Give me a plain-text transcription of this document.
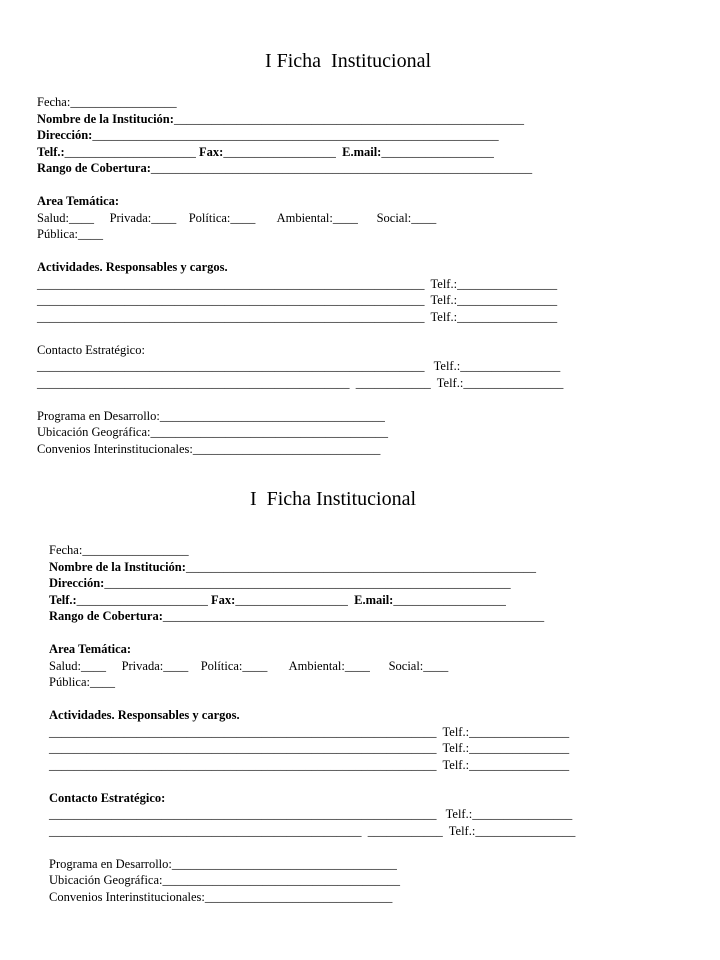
I Ficha  Institucional
Fecha:_________________
Nombre de la Institución:________________________________________________________
Dirección:_________________________________________________________________
Telf.:_____________________ Fax:__________________ E.mail:__________________
Rango de Cobertura:_____________________________________________________________
Area Temática:
Salud:____     Privada:____    Política:____       Ambiental:____      Social:____
Pública:____
Actividades. Responsables y cargos.
______________________________________________________________  Telf.:________________
______________________________________________________________  Telf.:________________
______________________________________________________________  Telf.:________________
Contacto Estratégico:
______________________________________________________________   Telf.:________________
__________________________________________________  ____________  Telf.:________________
Programa en Desarrollo:____________________________________
Ubicación Geográfica:______________________________________
Convenios Interinstitucionales:______________________________
I  Ficha Institucional
Fecha:_________________
Nombre de la Institución:________________________________________________________
Dirección:_________________________________________________________________
Telf.:_____________________ Fax:__________________ E.mail:__________________
Rango de Cobertura:_____________________________________________________________
Area Temática:
Salud:____     Privada:____    Política:____       Ambiental:____      Social:____
Pública:____
Actividades. Responsables y cargos.
______________________________________________________________  Telf.:________________
______________________________________________________________  Telf.:________________
______________________________________________________________  Telf.:________________
Contacto Estratégico:
______________________________________________________________   Telf.:________________
__________________________________________________  ____________  Telf.:________________
Programa en Desarrollo:____________________________________
Ubicación Geográfica:______________________________________
Convenios Interinstitucionales:______________________________
